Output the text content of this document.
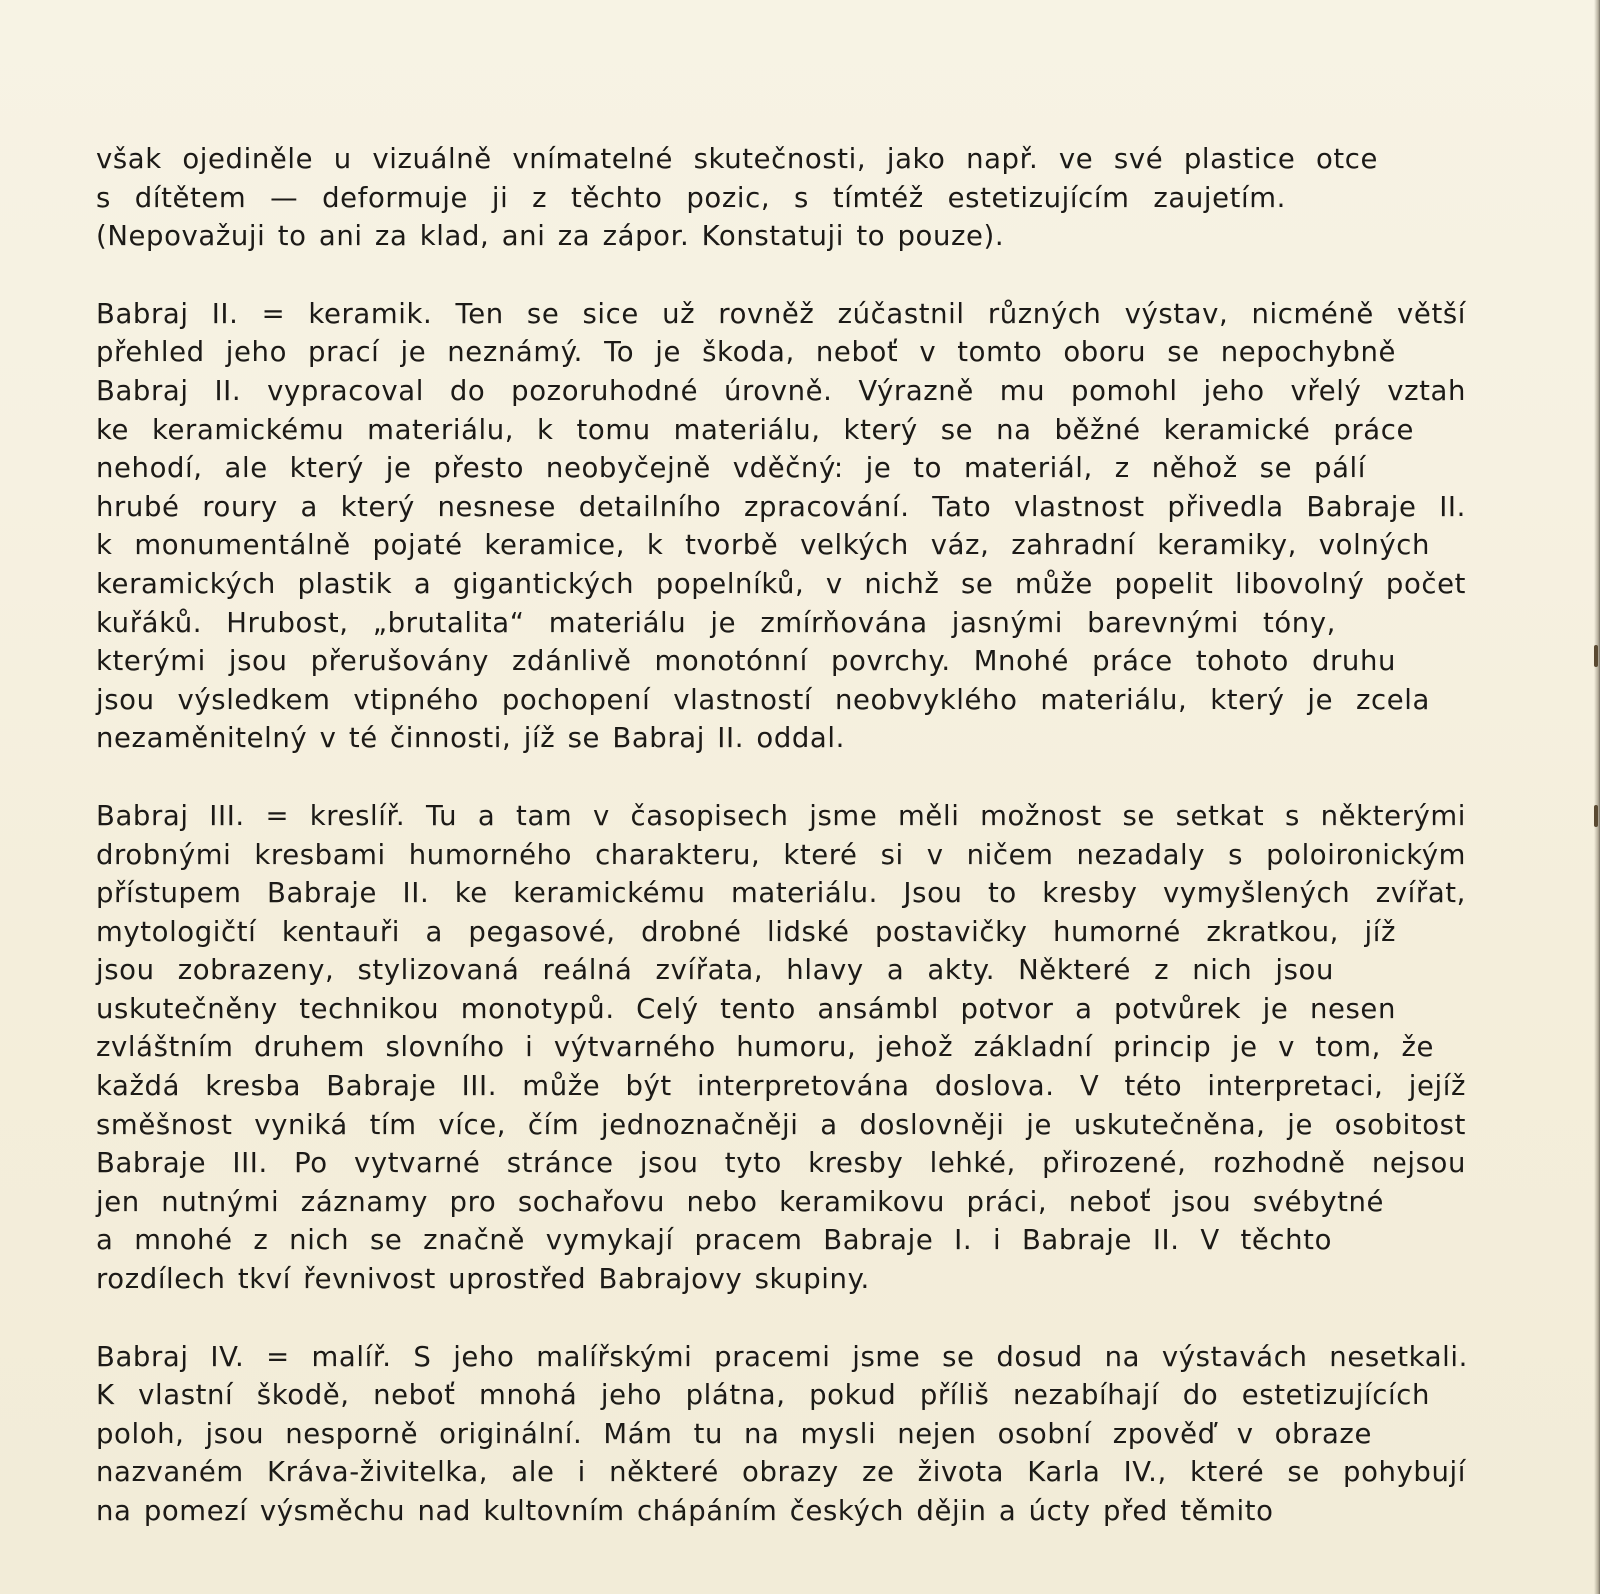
však ojediněle u vizuálně vnímatelné skutečnosti, jako např. ve své plastice otce
s dítětem — deformuje ji z těchto pozic, s tímtéž estetizujícím zaujetím.
(Nepovažuji to ani za klad, ani za zápor. Konstatuji to pouze).
Babraj II. = keramik. Ten se sice už rovněž zúčastnil různých výstav, nicméně větší
přehled jeho prací je neznámý. To je škoda, neboť v tomto oboru se nepochybně
Babraj II. vypracoval do pozoruhodné úrovně. Výrazně mu pomohl jeho vřelý vztah
ke keramickému materiálu, k tomu materiálu, který se na běžné keramické práce
nehodí, ale který je přesto neobyčejně vděčný: je to materiál, z něhož se pálí
hrubé roury a který nesnese detailního zpracování. Tato vlastnost přivedla Babraje II.
k monumentálně pojaté keramice, k tvorbě velkých váz, zahradní keramiky, volných
keramických plastik a gigantických popelníků, v nichž se může popelit libovolný počet
kuřáků. Hrubost, „brutalita“ materiálu je zmírňována jasnými barevnými tóny,
kterými jsou přerušovány zdánlivě monotónní povrchy. Mnohé práce tohoto druhu
jsou výsledkem vtipného pochopení vlastností neobvyklého materiálu, který je zcela
nezaměnitelný v té činnosti, jíž se Babraj II. oddal.
Babraj III. = kreslíř. Tu a tam v časopisech jsme měli možnost se setkat s některými
drobnými kresbami humorného charakteru, které si v ničem nezadaly s poloironickým
přístupem Babraje II. ke keramickému materiálu. Jsou to kresby vymyšlených zvířat,
mytologičtí kentauři a pegasové, drobné lidské postavičky humorné zkratkou, jíž
jsou zobrazeny, stylizovaná reálná zvířata, hlavy a akty. Některé z nich jsou
uskutečněny technikou monotypů. Celý tento ansámbl potvor a potvůrek je nesen
zvláštním druhem slovního i výtvarného humoru, jehož základní princip je v tom, že
každá kresba Babraje III. může být interpretována doslova. V této interpretaci, jejíž
směšnost vyniká tím více, čím jednoznačněji a doslovněji je uskutečněna, je osobitost
Babraje III. Po vytvarné stránce jsou tyto kresby lehké, přirozené, rozhodně nejsou
jen nutnými záznamy pro sochařovu nebo keramikovu práci, neboť jsou svébytné
a mnohé z nich se značně vymykají pracem Babraje I. i Babraje II. V těchto
rozdílech tkví řevnivost uprostřed Babrajovy skupiny.
Babraj IV. = malíř. S jeho malířskými pracemi jsme se dosud na výstavách nesetkali.
K vlastní škodě, neboť mnohá jeho plátna, pokud příliš nezabíhají do estetizujících
poloh, jsou nesporně originální. Mám tu na mysli nejen osobní zpověď v obraze
nazvaném Kráva-živitelka, ale i některé obrazy ze života Karla IV., které se pohybují
na pomezí výsměchu nad kultovním chápáním českých dějin a úcty před těmito
